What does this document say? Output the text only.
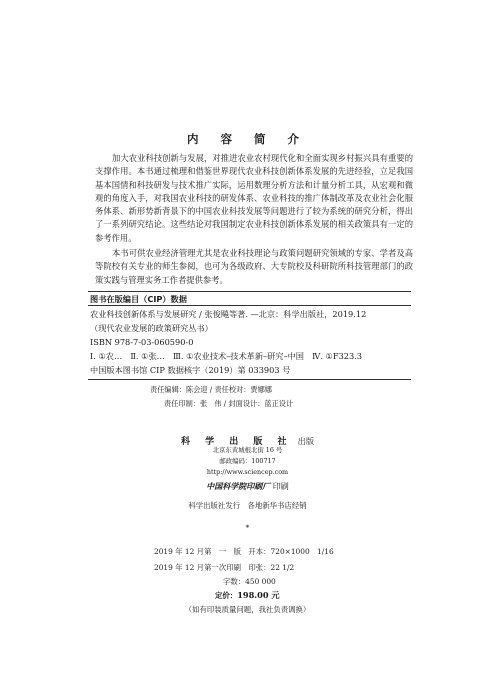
内 容 简 介

加大农业科技创新与发展，对推进农业农村现代化和全面实现乡村振兴具有重要的支撑作用。本书通过梳理和借鉴世界现代农业科技创新体系发展的先进经验，立足我国基本国情和科技研发与技术推广实际，运用数理分析方法和计量分析工具，从宏观和微观的角度入手，对我国农业科技的研发体系、农业科技的推广体制改革及农业社会化服务体系、新形势新背景下的中国农业科技发展等问题进行了较为系统的研究分析，得出了一系列研究结论。这些结论对我国制定农业科技创新体系发展的相关政策具有一定的参考作用。

本书可供农业经济管理尤其是农业科技理论与政策问题研究领域的专家、学者及高等院校有关专业的师生参阅，也可为各级政府、大专院校及科研院所科技管理部门的政策实践与管理实务工作者提供参考。

图书在版编目（CIP）数据
农业科技创新体系与发展研究 / 张俊飚等著. —北京：科学出版社，2019.12
（现代农业发展的政策研究丛书）
ISBN 978-7-03-060590-0
Ⅰ. ①农…　Ⅱ. ①张…　Ⅲ. ①农业技术–技术革新–研究–中国　Ⅳ. ①F323.3
中国版本图书馆 CIP 数据核字（2019）第 033903 号
责任编辑：陈会迎 / 责任校对：贾娜娜
责任印制：张　伟 / 封面设计：蓝正设计
科 学 出 版 社 出版
北京东黄城根北街 16 号
邮政编码：100717
http://www.sciencep.com
中国科学院印刷厂 印刷
科学出版社发行　各地新华书店经销
*
2019 年 12 月第　一　版　开本：720×1000　1/16
2019 年 12 月第一次印刷　印张：22 1/2
字数：450 000
定价：198.00 元
（如有印装质量问题，我社负责调换）
